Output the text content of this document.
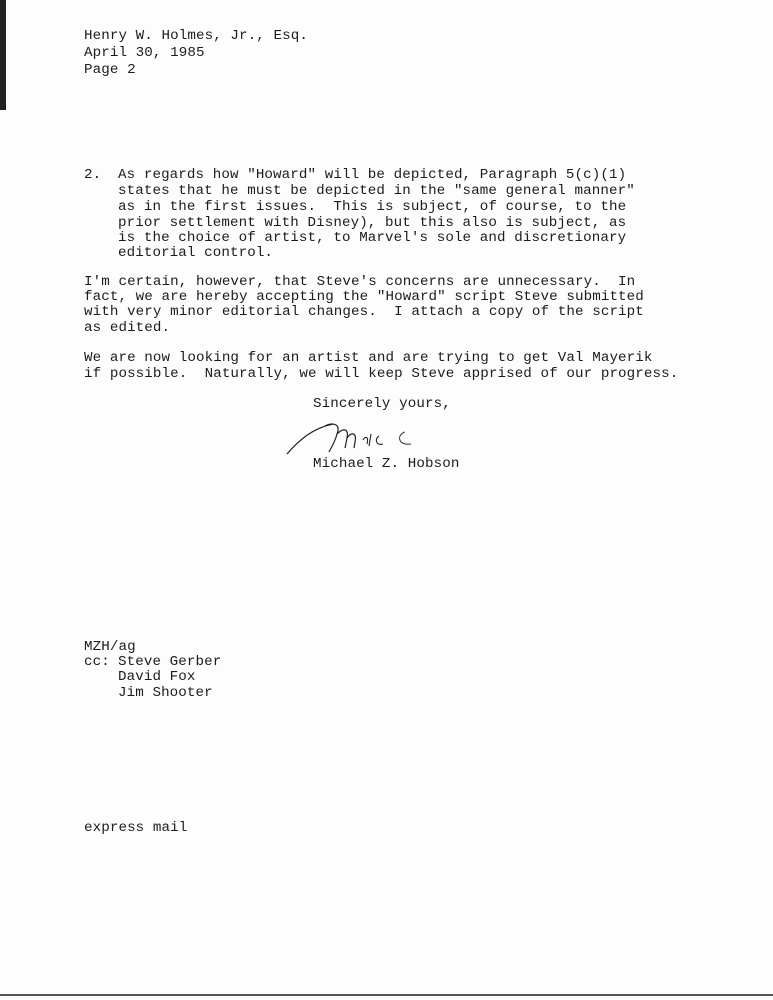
Henry W. Holmes, Jr., Esq.
April 30, 1985
Page 2
2. As regards how "Howard" will be depicted, Paragraph 5(c)(1)
states that he must be depicted in the "same general manner"
as in the first issues.  This is subject, of course, to the
prior settlement with Disney), but this also is subject, as
is the choice of artist, to Marvel's sole and discretionary
editorial control.
I'm certain, however, that Steve's concerns are unnecessary.  In
fact, we are hereby accepting the "Howard" script Steve submitted
with very minor editorial changes.  I attach a copy of the script
as edited.
We are now looking for an artist and are trying to get Val Mayerik
if possible.  Naturally, we will keep Steve apprised of our progress.
Sincerely yours,
Michael Z. Hobson
MZH/ag
cc: Steve Gerber
David Fox
Jim Shooter
express mail
